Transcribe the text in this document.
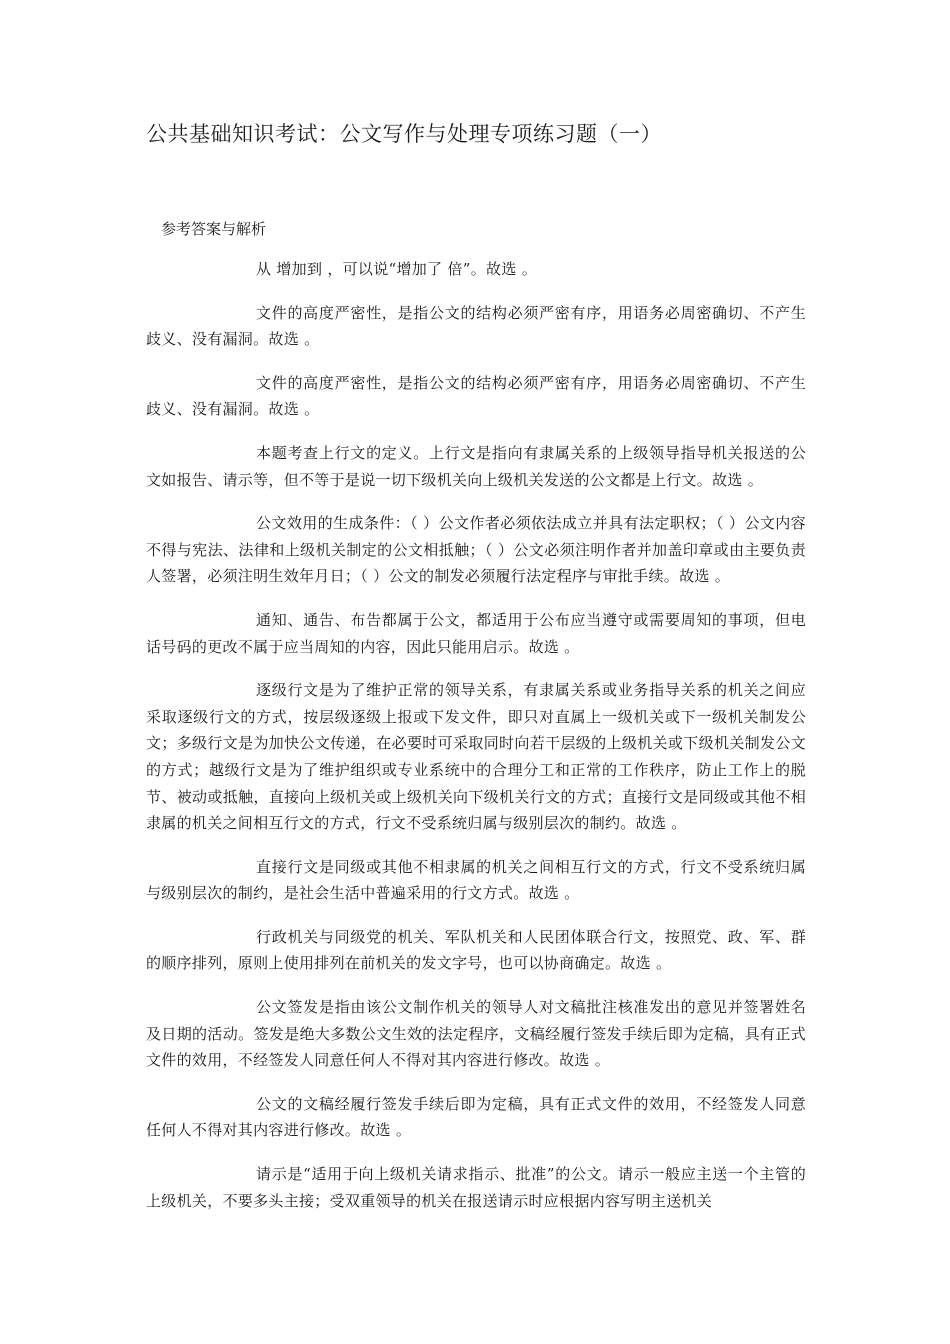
公共基础知识考试：公文写作与处理专项练习题（一）
参考答案与解析

从 增加到 ，可以说“增加了 倍”。故选 。

文件的高度严密性，是指公文的结构必须严密有序，用语务必周密确切、不产生歧义、没有漏洞。故选 。

文件的高度严密性，是指公文的结构必须严密有序，用语务必周密确切、不产生歧义、没有漏洞。故选 。

本题考查上行文的定义。上行文是指向有隶属关系的上级领导指导机关报送的公文如报告、请示等，但不等于是说一切下级机关向上级机关发送的公文都是上行文。故选 。

公文效用的生成条件：（ ）公文作者必须依法成立并具有法定职权；（ ）公文内容不得与宪法、法律和上级机关制定的公文相抵触；（ ）公文必须注明作者并加盖印章或由主要负责人签署，必须注明生效年月日；（ ）公文的制发必须履行法定程序与审批手续。故选 。

通知、通告、布告都属于公文，都适用于公布应当遵守或需要周知的事项，但电话号码的更改不属于应当周知的内容，因此只能用启示。故选 。

逐级行文是为了维护正常的领导关系，有隶属关系或业务指导关系的机关之间应采取逐级行文的方式，按层级逐级上报或下发文件，即只对直属上一级机关或下一级机关制发公文；多级行文是为加快公文传递，在必要时可采取同时向若干层级的上级机关或下级机关制发公文的方式；越级行文是为了维护组织或专业系统中的合理分工和正常的工作秩序，防止工作上的脱节、被动或抵触，直接向上级机关或上级机关向下级机关行文的方式；直接行文是同级或其他不相隶属的机关之间相互行文的方式，行文不受系统归属与级别层次的制约。故选 。

直接行文是同级或其他不相隶属的机关之间相互行文的方式，行文不受系统归属与级别层次的制约，是社会生活中普遍采用的行文方式。故选 。

行政机关与同级党的机关、军队机关和人民团体联合行文，按照党、政、军、群的顺序排列，原则上使用排列在前机关的发文字号，也可以协商确定。故选 。

公文签发是指由该公文制作机关的领导人对文稿批注核准发出的意见并签署姓名及日期的活动。签发是绝大多数公文生效的法定程序，文稿经履行签发手续后即为定稿，具有正式文件的效用，不经签发人同意任何人不得对其内容进行修改。故选 。

公文的文稿经履行签发手续后即为定稿，具有正式文件的效用，不经签发人同意任何人不得对其内容进行修改。故选 。

请示是“适用于向上级机关请求指示、批准”的公文。请示一般应主送一个主管的上级机关，不要多头主接；受双重领导的机关在报送请示时应根据内容写明主送机关
